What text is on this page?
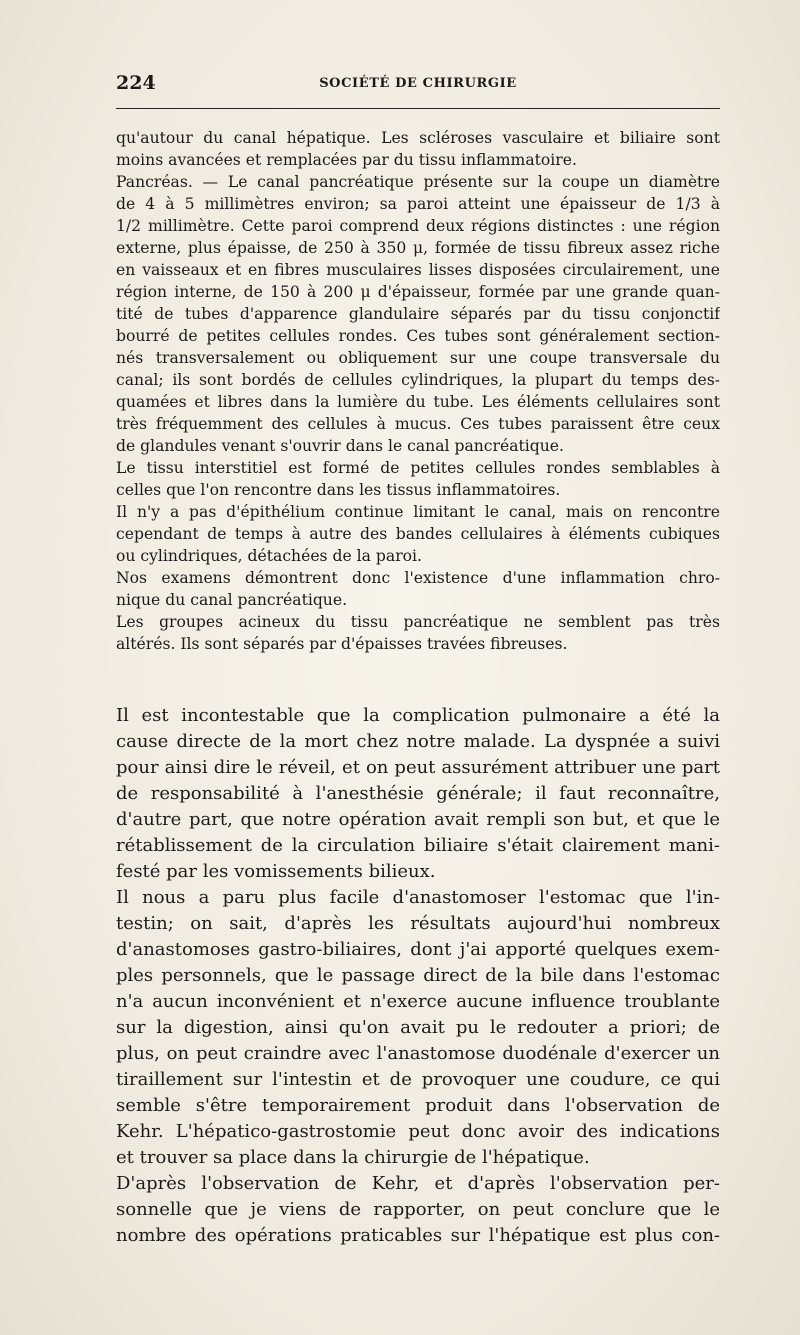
224	SOCIÉTÉ DE CHIRURGIE
qu'autour du canal hépatique. Les scléroses vasculaire et biliaire sont
moins avancées et remplacées par du tissu inflammatoire.
Pancréas. — Le canal pancréatique présente sur la coupe un diamètre
de 4 à 5 millimètres environ; sa paroi atteint une épaisseur de 1/3 à
1/2 millimètre. Cette paroi comprend deux régions distinctes : une région
externe, plus épaisse, de 250 à 350 μ, formée de tissu fibreux assez riche
en vaisseaux et en fibres musculaires lisses disposées circulairement, une
région interne, de 150 à 200 μ d'épaisseur, formée par une grande quan-
tité de tubes d'apparence glandulaire séparés par du tissu conjonctif
bourré de petites cellules rondes. Ces tubes sont généralement section-
nés transversalement ou obliquement sur une coupe transversale du
canal; ils sont bordés de cellules cylindriques, la plupart du temps des-
quamées et libres dans la lumière du tube. Les éléments cellulaires sont
très fréquemment des cellules à mucus. Ces tubes paraissent être ceux
de glandules venant s'ouvrir dans le canal pancréatique.
Le tissu interstitiel est formé de petites cellules rondes semblables à
celles que l'on rencontre dans les tissus inflammatoires.
Il n'y a pas d'épithélium continue limitant le canal, mais on rencontre
cependant de temps à autre des bandes cellulaires à éléments cubiques
ou cylindriques, détachées de la paroi.
Nos examens démontrent donc l'existence d'une inflammation chro-
nique du canal pancréatique.
Les groupes acineux du tissu pancréatique ne semblent pas très
altérés. Ils sont séparés par d'épaisses travées fibreuses.
Il est incontestable que la complication pulmonaire a été la
cause directe de la mort chez notre malade. La dyspnée a suivi
pour ainsi dire le réveil, et on peut assurément attribuer une part
de responsabilité à l'anesthésie générale; il faut reconnaître,
d'autre part, que notre opération avait rempli son but, et que le
rétablissement de la circulation biliaire s'était clairement mani-
festé par les vomissements bilieux.
Il nous a paru plus facile d'anastomoser l'estomac que l'in-
testin; on sait, d'après les résultats aujourd'hui nombreux
d'anastomoses gastro-biliaires, dont j'ai apporté quelques exem-
ples personnels, que le passage direct de la bile dans l'estomac
n'a aucun inconvénient et n'exerce aucune influence troublante
sur la digestion, ainsi qu'on avait pu le redouter a priori; de
plus, on peut craindre avec l'anastomose duodénale d'exercer un
tiraillement sur l'intestin et de provoquer une coudure, ce qui
semble s'être temporairement produit dans l'observation de
Kehr. L'hépatico-gastrostomie peut donc avoir des indications
et trouver sa place dans la chirurgie de l'hépatique.
D'après l'observation de Kehr, et d'après l'observation per-
sonnelle que je viens de rapporter, on peut conclure que le
nombre des opérations praticables sur l'hépatique est plus con-
